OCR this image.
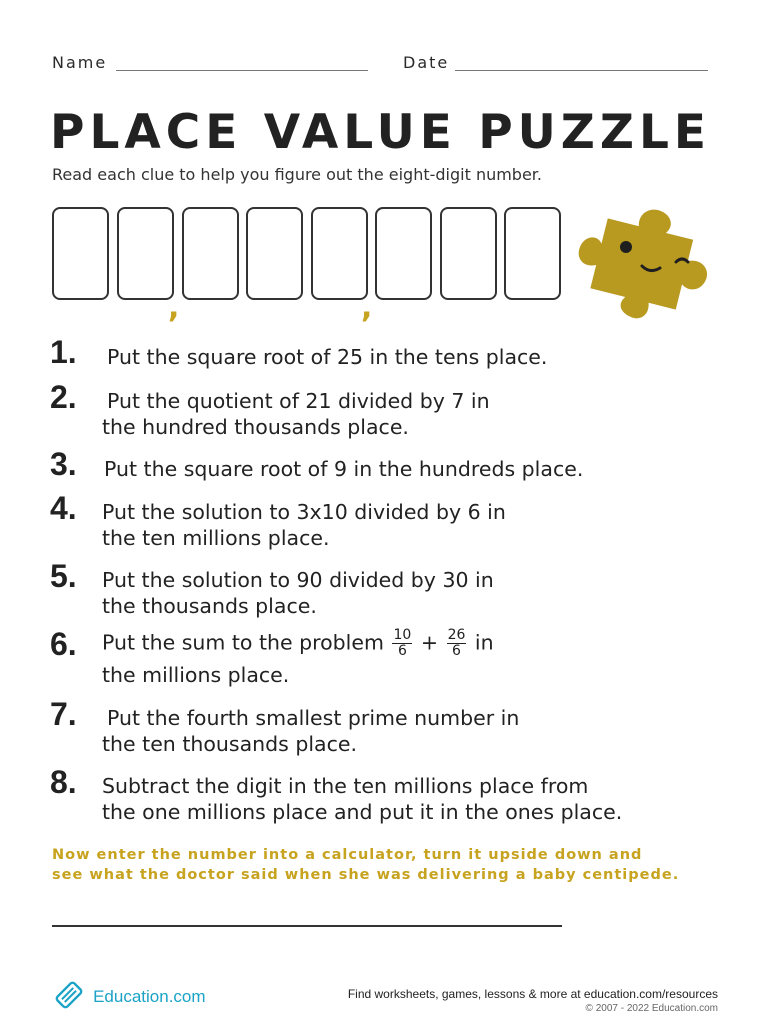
Name	Date
PLACE VALUE PUZZLE
Read each clue to help you figure out the eight-digit number.
,	,
1. Put the square root of 25 in the tens place.
2. Put the quotient of 21 divided by 7 in
the hundred thousands place.
3. Put the square root of 9 in the hundreds place.
4. Put the solution to 3x10 divided by 6 in
the ten millions place.
5. Put the solution to 90 divided by 30 in
the thousands place.
6. Put the sum to the problem $\frac{10}{6} + \frac{26}{6}$ in
the millions place.
7. Put the fourth smallest prime number in
the ten thousands place.
8. Subtract the digit in the ten millions place from
the one millions place and put it in the ones place.
Now enter the number into a calculator, turn it upside down and
see what the doctor said when she was delivering a baby centipede.
Education.com	Find worksheets, games, lessons & more at education.com/resources
© 2007 - 2022 Education.com
